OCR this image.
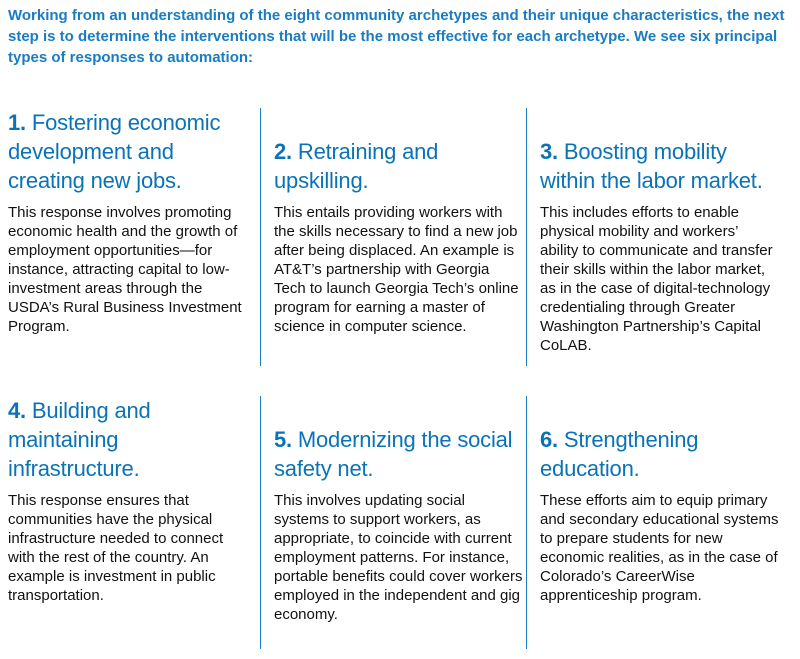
Working from an understanding of the eight community archetypes and their unique characteristics, the next step is to determine the interventions that will be the most effective for each archetype. We see six principal types of responses to automation:
1. Fostering economic development and creating new jobs.
This response involves promoting economic health and the growth of employment opportunities—for instance, attracting capital to low-investment areas through the USDA’s Rural Business Investment Program.
2. Retraining and upskilling.
This entails providing workers with the skills necessary to find a new job after being displaced. An example is AT&T’s partnership with Georgia Tech to launch Georgia Tech’s online program for earning a master of science in computer science.
3. Boosting mobility within the labor market.
This includes efforts to enable physical mobility and workers’ ability to communicate and transfer their skills within the labor market, as in the case of digital-technology credentialing through Greater Washington Partnership’s Capital CoLAB.
4. Building and maintaining infrastructure.
This response ensures that communities have the physical infrastructure needed to connect with the rest of the country. An example is investment in public transportation.
5. Modernizing the social safety net.
This involves updating social systems to support workers, as appropriate, to coincide with current employment patterns. For instance, portable benefits could cover workers employed in the independent and gig economy.
6. Strengthening education.
These efforts aim to equip primary and secondary educational systems to prepare students for new economic realities, as in the case of Colorado’s CareerWise apprenticeship program.
